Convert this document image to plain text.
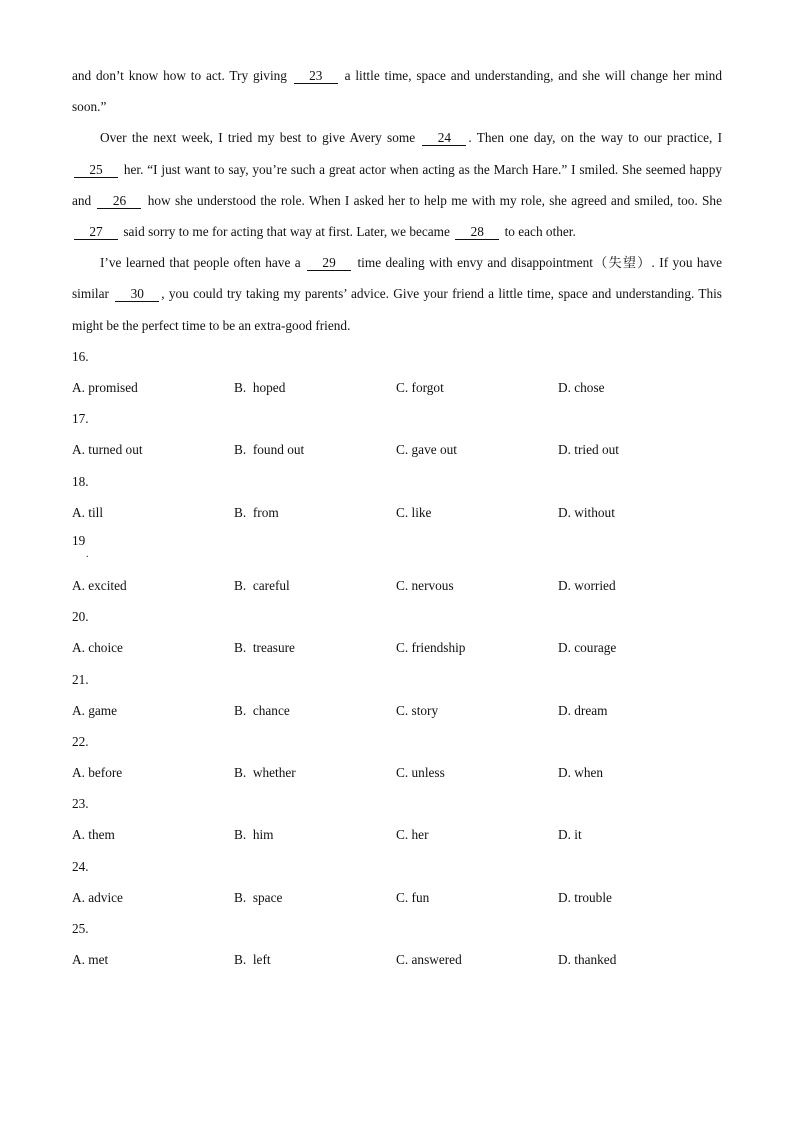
and don’t know how to act. Try giving 23 a little time, space and understanding, and she will change her mind soon.”

Over the next week, I tried my best to give Avery some 24 . Then one day, on the way to our practice, I 25 her. “I just want to say, you’re such a great actor when acting as the March Hare.” I smiled. She seemed happy and 26 how she understood the role. When I asked her to help me with my role, she agreed and smiled, too. She 27 said sorry to me for acting that way at first. Later, we became 28 to each other.

I’ve learned that people often have a 29 time dealing with envy and disappointment（失望）. If you have similar 30 , you could try taking my parents’ advice. Give your friend a little time, space and understanding. This might be the perfect time to be an extra-good friend.

16.
A. promised	B.  hoped	C. forgot	D. chose
17.
A. turned out	B.  found out	C. gave out	D. tried out
18.
A. till	B.  from	C. like	D. without
19
.
A. excited	B.  careful	C. nervous	D. worried
20.
A. choice	B.  treasure	C. friendship	D. courage
21.
A. game	B.  chance	C. story	D. dream
22.
A. before	B.  whether	C. unless	D. when
23.
A. them	B.  him	C. her	D. it
24.
A. advice	B.  space	C. fun	D. trouble
25.
A. met	B.  left	C. answered	D. thanked
